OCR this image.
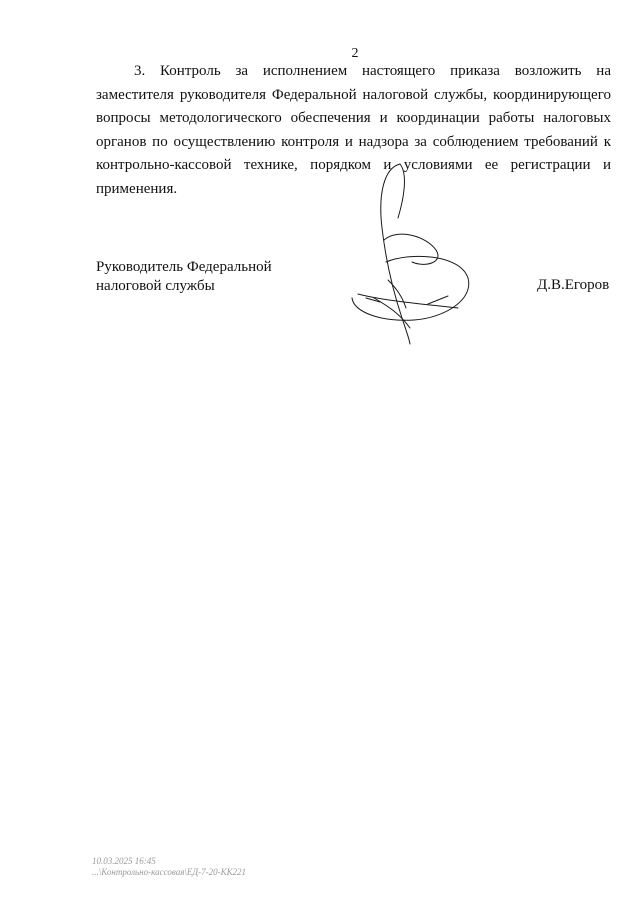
2

3. Контроль за исполнением настоящего приказа возложить на заместителя руководителя Федеральной налоговой службы, координирующего вопросы методологического обеспечения и координации работы налоговых органов по осуществлению контроля и надзора за соблюдением требований к контрольно-кассовой технике, порядком и условиями ее регистрации и применения.

Руководитель Федеральной
налоговой службы	Д.В.Егоров
10.03.2025 16:45
...\Контрольно-кассовая\ЕД-7-20-КК221
